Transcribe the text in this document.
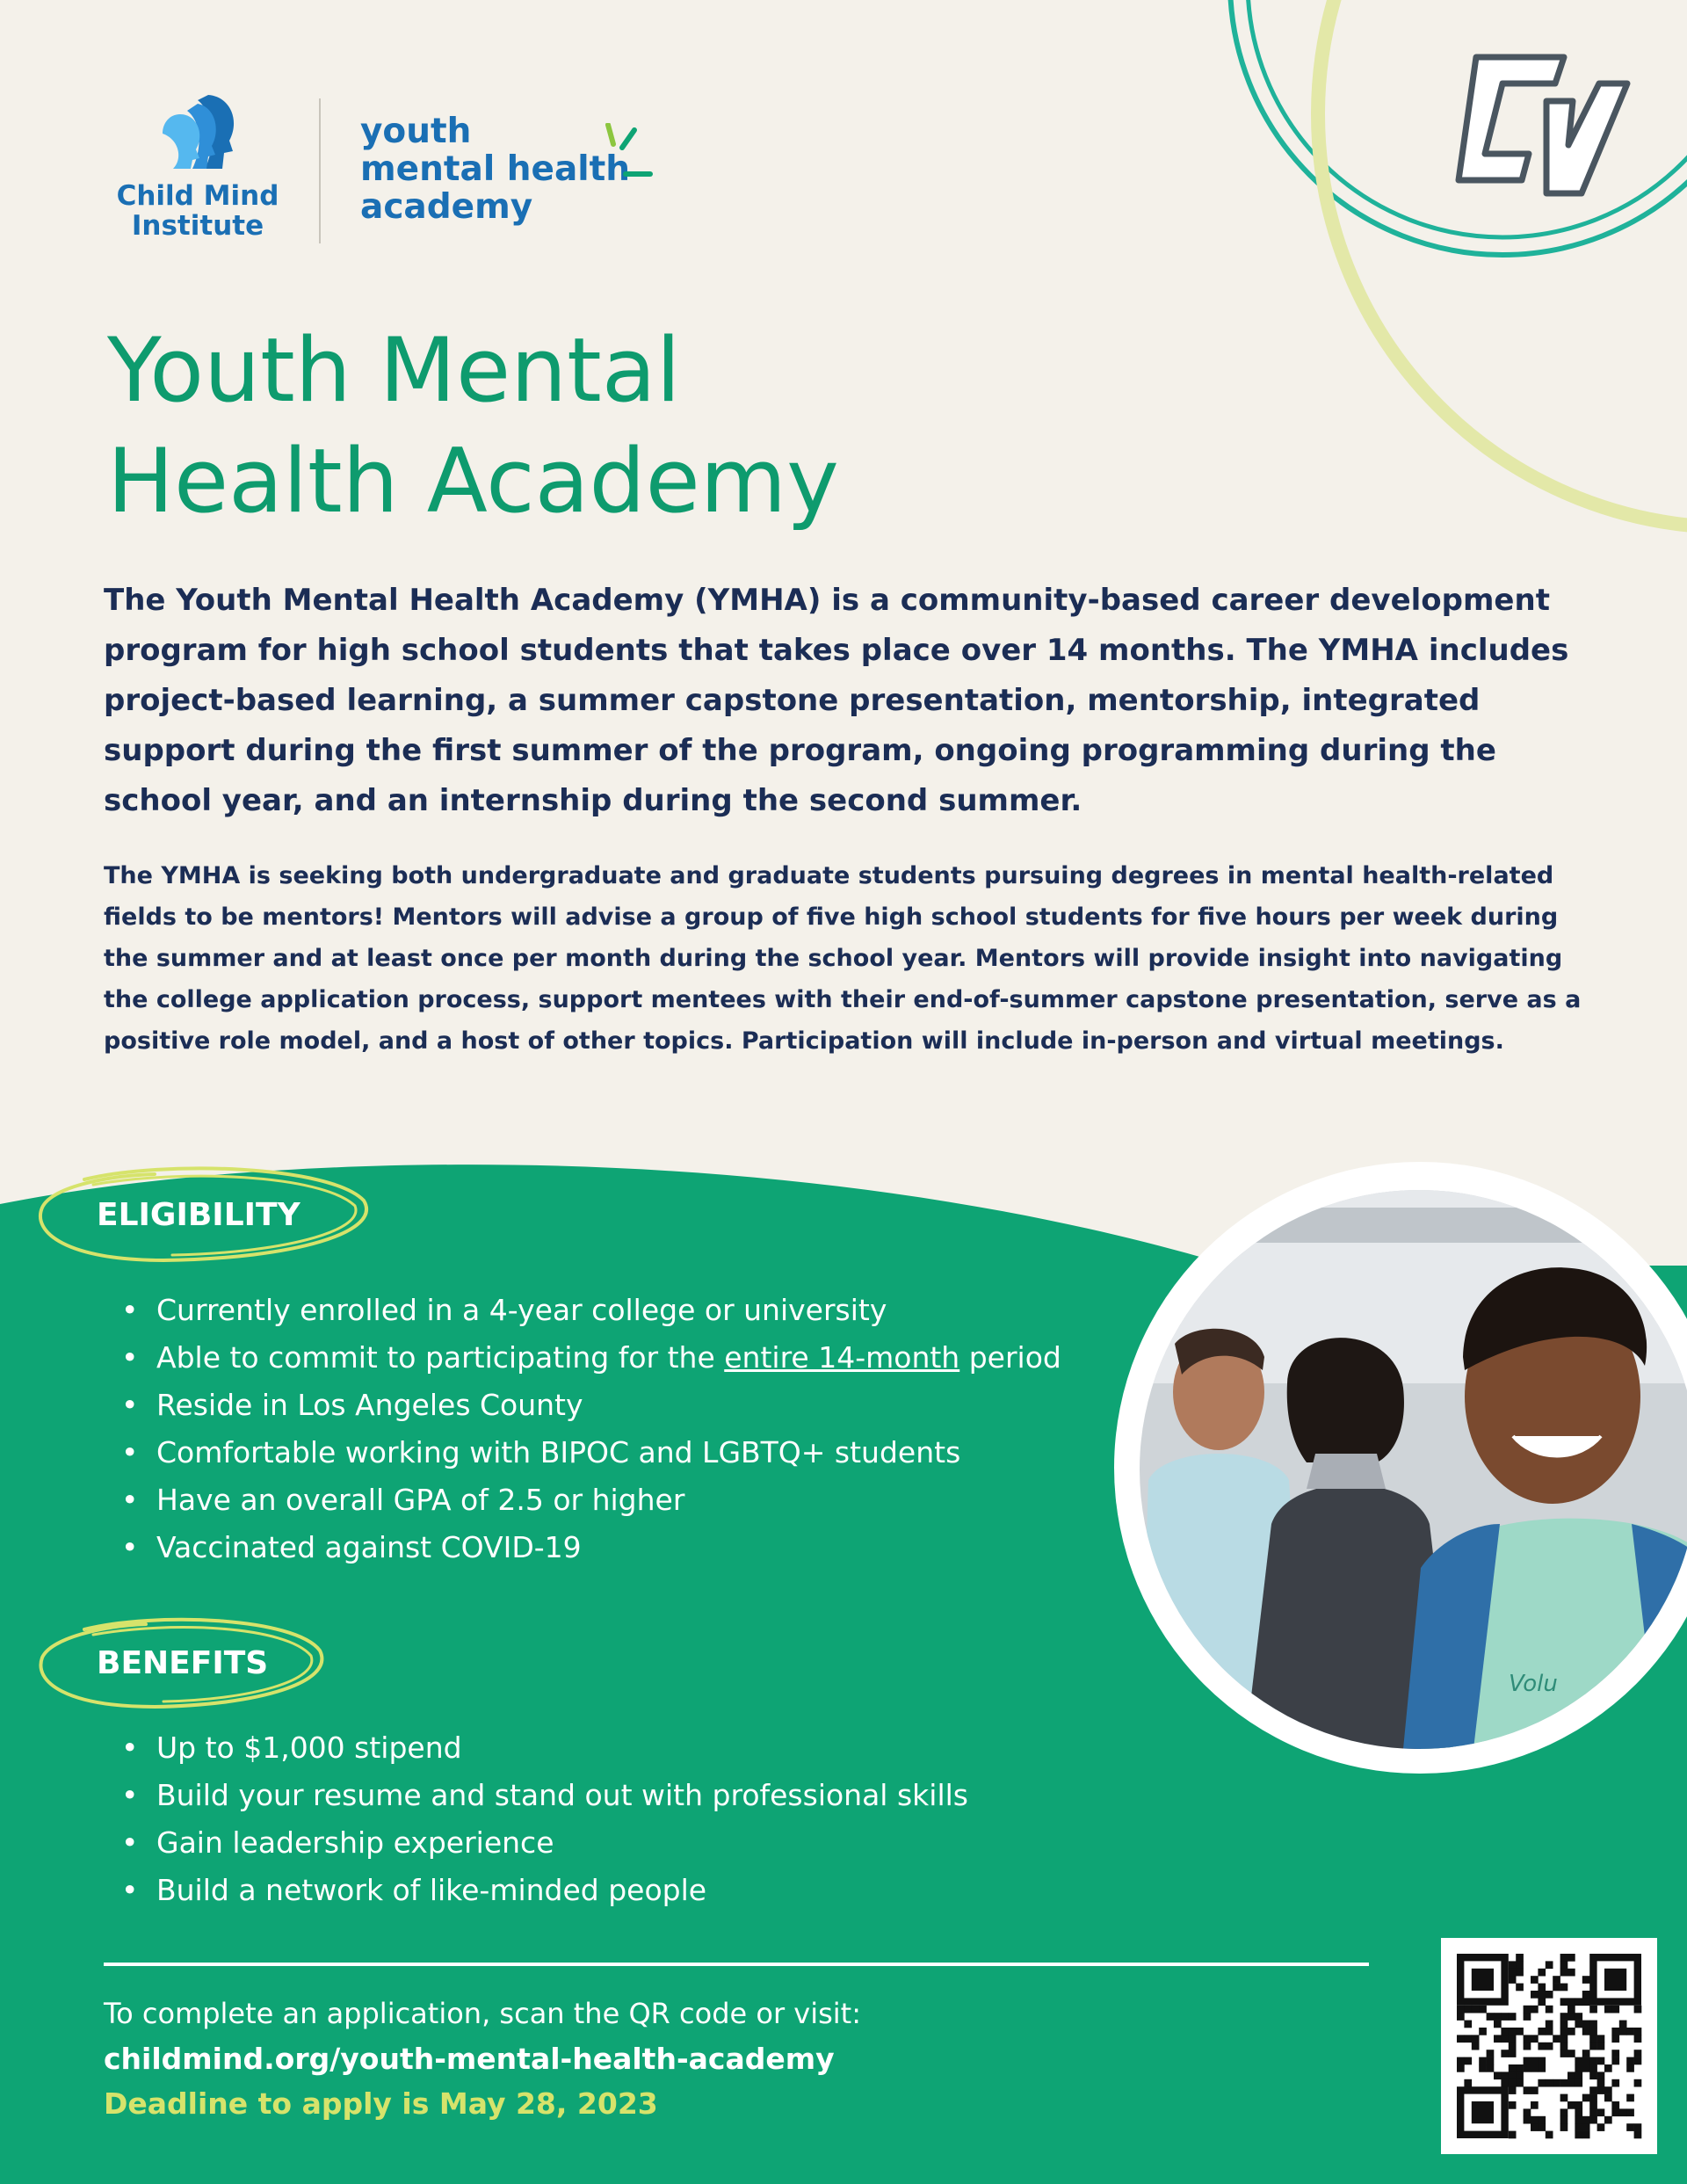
Child Mind
Institute
youth
mental health
academy
Youth Mental
Health Academy

The Youth Mental Health Academy (YMHA) is a community-based career development program for high school students that takes place over 14 months. The YMHA includes project-based learning, a summer capstone presentation, mentorship, integrated support during the first summer of the program, ongoing programming during the school year, and an internship during the second summer.

The YMHA is seeking both undergraduate and graduate students pursuing degrees in mental health-related fields to be mentors! Mentors will advise a group of five high school students for five hours per week during the summer and at least once per month during the school year. Mentors will provide insight into navigating the college application process, support mentees with their end-of-summer capstone presentation, serve as a positive role model, and a host of other topics. Participation will include in-person and virtual meetings.

ELIGIBILITY
• Currently enrolled in a 4-year college or university
• Able to commit to participating for the entire 14-month period
• Reside in Los Angeles County
• Comfortable working with BIPOC and LGBTQ+ students
• Have an overall GPA of 2.5 or higher
• Vaccinated against COVID-19
BENEFITS
• Up to $1,000 stipend
• Build your resume and stand out with professional skills
• Gain leadership experience
• Build a network of like-minded people
Volu
To complete an application, scan the QR code or visit:
childmind.org/youth-mental-health-academy
Deadline to apply is May 28, 2023
